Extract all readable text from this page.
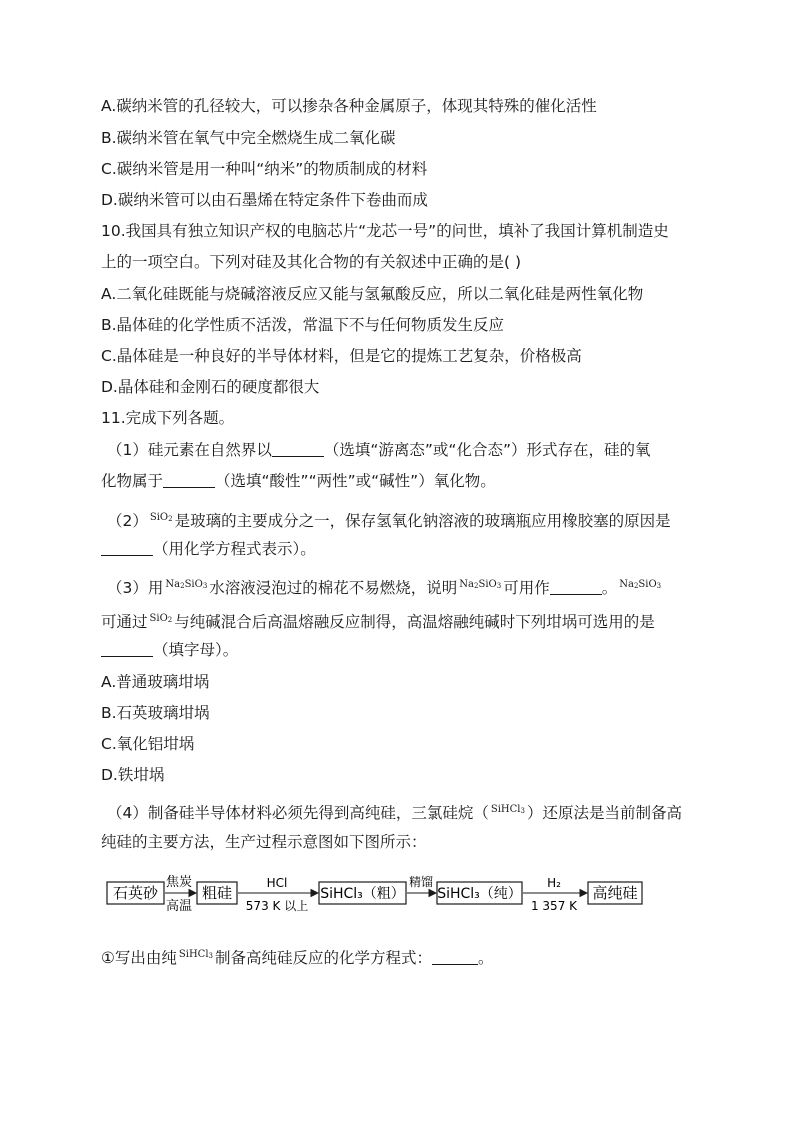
A.碳纳米管的孔径较大，可以掺杂各种金属原子，体现其特殊的催化活性
B.碳纳米管在氧气中完全燃烧生成二氧化碳
C.碳纳米管是用一种叫“纳米”的物质制成的材料
D.碳纳米管可以由石墨烯在特定条件下卷曲而成
10.我国具有独立知识产权的电脑芯片“龙芯一号”的问世，填补了我国计算机制造史
上的一项空白。下列对硅及其化合物的有关叙述中正确的是( )
A.二氧化硅既能与烧碱溶液反应又能与氢氟酸反应，所以二氧化硅是两性氧化物
B.晶体硅的化学性质不活泼，常温下不与任何物质发生反应
C.晶体硅是一种良好的半导体材料，但是它的提炼工艺复杂，价格极高
D.晶体硅和金刚石的硬度都很大
11.完成下列各题。
（1）硅元素在自然界以	（选填“游离态”或“化合态”）形式存在，硅的氧
化物属于	（选填“酸性”“两性”或“碱性”）氧化物。
（2） $^{SiO_2}$ 是玻璃的主要成分之一，保存氢氧化钠溶液的玻璃瓶应用橡胶塞的原因是
（用化学方程式表示）。
（3）用 $^{Na_2SiO_3}$ 水溶液浸泡过的棉花不易燃烧，说明 $^{Na_2SiO_3}$ 可用作	。 $^{Na_2SiO_3}$
可通过 $^{SiO_2}$ 与纯碱混合后高温熔融反应制得，高温熔融纯碱时下列坩埚可选用的是
（填字母）。
A.普通玻璃坩埚
B.石英玻璃坩埚
C.氧化铝坩埚
D.铁坩埚
（4）制备硅半导体材料必须先得到高纯硅，三氯硅烷（ $^{SiHCl_3}$ ）还原法是当前制备高
纯硅的主要方法，生产过程示意图如下图所示：
石英砂	粗硅	SiHCl₃（粗） SiHCl₃（纯）	高纯硅
焦炭
高温
HCl
573 K 以上
精馏	H₂
1 357 K
①写出由纯 $^{SiHCl_3}$ 制备高纯硅反应的化学方程式：	。
